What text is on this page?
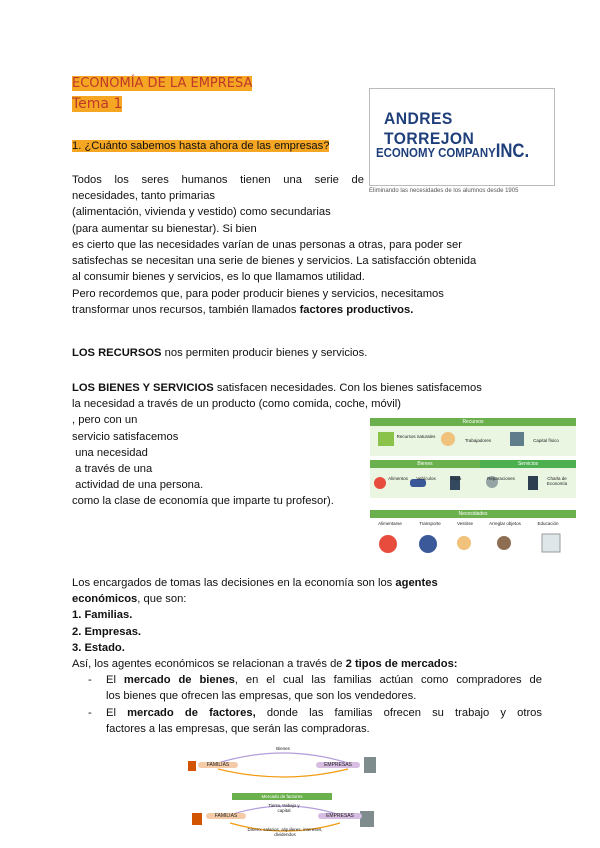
ECONOMÍA DE LA EMPRESA
Tema 1
ANDRES TORREJON
ECONOMY COMPANYINC.
Eliminando las necesidades de los alumnos desde 1905
1. ¿Cuánto sabemos hasta ahora de las empresas?
Todos los seres humanos tienen una serie de
necesidades, tanto primarias
(alimentación, vivienda y vestido) como secundarias
(para aumentar su bienestar). Si bien
es cierto que las necesidades varían de unas personas a otras, para poder ser
satisfechas se necesitan una serie de bienes y servicios. La satisfacción obtenida
al consumir bienes y servicios, es lo que llamamos utilidad.
Pero recordemos que, para poder producir bienes y servicios, necesitamos
transformar unos recursos, también llamados factores productivos.
LOS RECURSOS nos permiten producir bienes y servicios.
LOS BIENES Y SERVICIOS satisfacen necesidades. Con los bienes satisfacemos
la necesidad a través de un producto (como comida, coche, móvil)
, pero con un
servicio satisfacemos
una necesidad
a través de una
actividad de una persona.
como la clase de economía que imparte tu profesor).
Recursos
Recursos naturales
Trabajadores	Capital físico
Bienes	Servicios
Alimentos	Vehículos	Ropa	Reparaciones	Charla de Economía
Necesidades
Alimentarse	Transporte	Vestirse	Arreglar objetos	Educación
Los encargados de tomas las decisiones en la economía son los agentes
económicos, que son:
1. Familias.
2. Empresas.
3. Estado.
Así, los agentes económicos se relacionan a través de 2 tipos de mercados:
- El mercado de bienes, en el cual las familias actúan como compradores de
los bienes que ofrecen las empresas, que son los vendedores.
- El mercado de factores, donde las familias ofrecen su trabajo y otros
factores a las empresas, que serán las compradoras.
Bienes
FAMILIAS	EMPRESAS
Mercado de factores
Tierra, trabajo y capital
FAMILIAS	EMPRESAS
Dinero: salarios, alquileres, intereses, dividendos
